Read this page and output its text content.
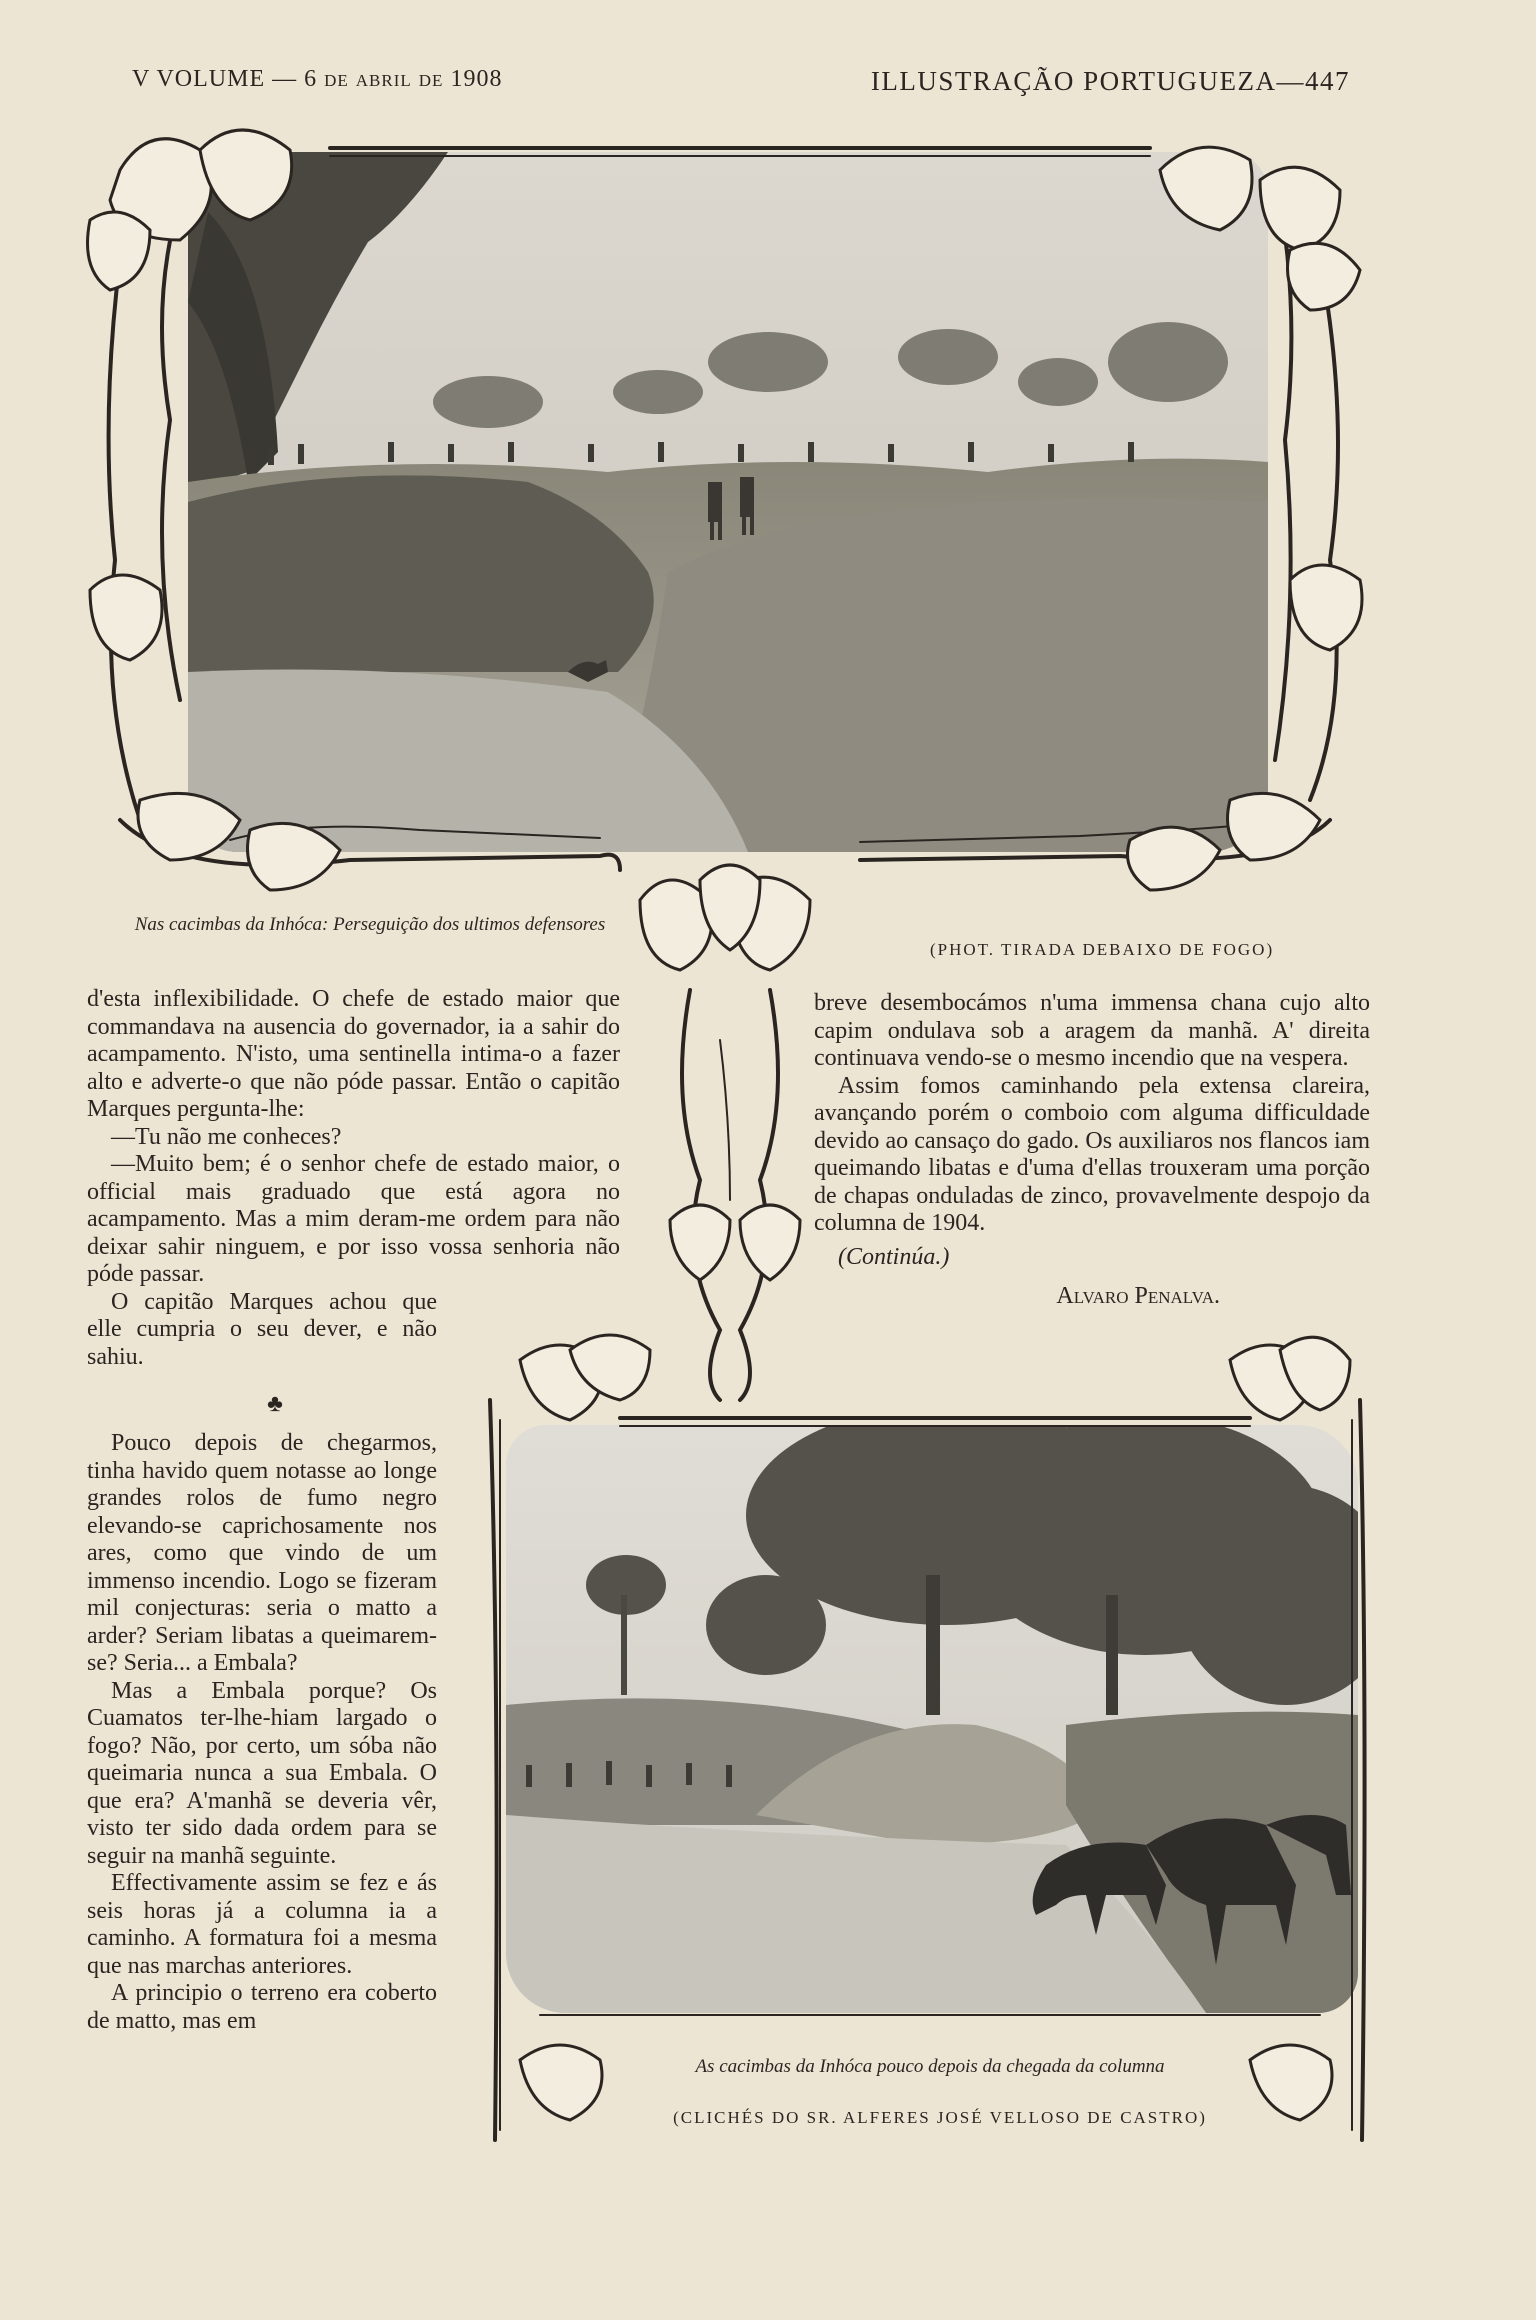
V VOLUME — 6 de abril de 1908	ILLUSTRAÇÃO PORTUGUEZA—447
Nas cacimbas da Inhóca: Perseguição dos ultimos defensores
(PHOT. TIRADA DEBAIXO DE FOGO)
As cacimbas da Inhóca pouco depois da chegada da columna
(CLICHÉS DO SR. ALFERES JOSÉ VELLOSO DE CASTRO)

d'esta inflexibilidade. O chefe de estado maior que commandava na ausencia do governador, ia a sahir do acampamento. N'isto, uma sentinella intima-o a fazer alto e adverte-o que não póde passar. Então o capitão Marques pergunta-lhe:

—Tu não me conheces?

—Muito bem; é o senhor chefe de estado maior, o official mais graduado que está agora no acampamento. Mas a mim deram-me ordem para não deixar sahir ninguem, e por isso vossa senhoria não póde passar.

O capitão Marques achou que elle cumpria o seu dever, e não sahiu.

♣

Pouco depois de chegarmos, tinha havido quem notasse ao longe grandes rolos de fumo negro elevando-se caprichosamente nos ares, como que vindo de um immenso incendio. Logo se fizeram mil conjecturas: seria o matto a arder? Seriam libatas a queimarem-se? Seria... a Embala?

Mas a Embala porque? Os Cuamatos ter-lhe-hiam largado o fogo? Não, por certo, um sóba não queimaria nunca a sua Embala. O que era? A'manhã se deveria vêr, visto ter sido dada ordem para se seguir na manhã seguinte.

Effectivamente assim se fez e ás seis horas já a columna ia a caminho. A formatura foi a mesma que nas marchas anteriores.

A principio o terreno era coberto de matto, mas em

breve desembocámos n'uma immensa chana cujo alto capim ondulava sob a aragem da manhã. A' direita continuava vendo-se o mesmo incendio que na vespera.

Assim fomos caminhando pela extensa clareira, avançando porém o comboio com alguma difficuldade devido ao cansaço do gado. Os auxiliaros nos flancos iam queimando libatas e d'uma d'ellas trouxeram uma porção de chapas onduladas de zinco, provavelmente despojo da columna de 1904.

(Continúa.)

Alvaro Penalva.
